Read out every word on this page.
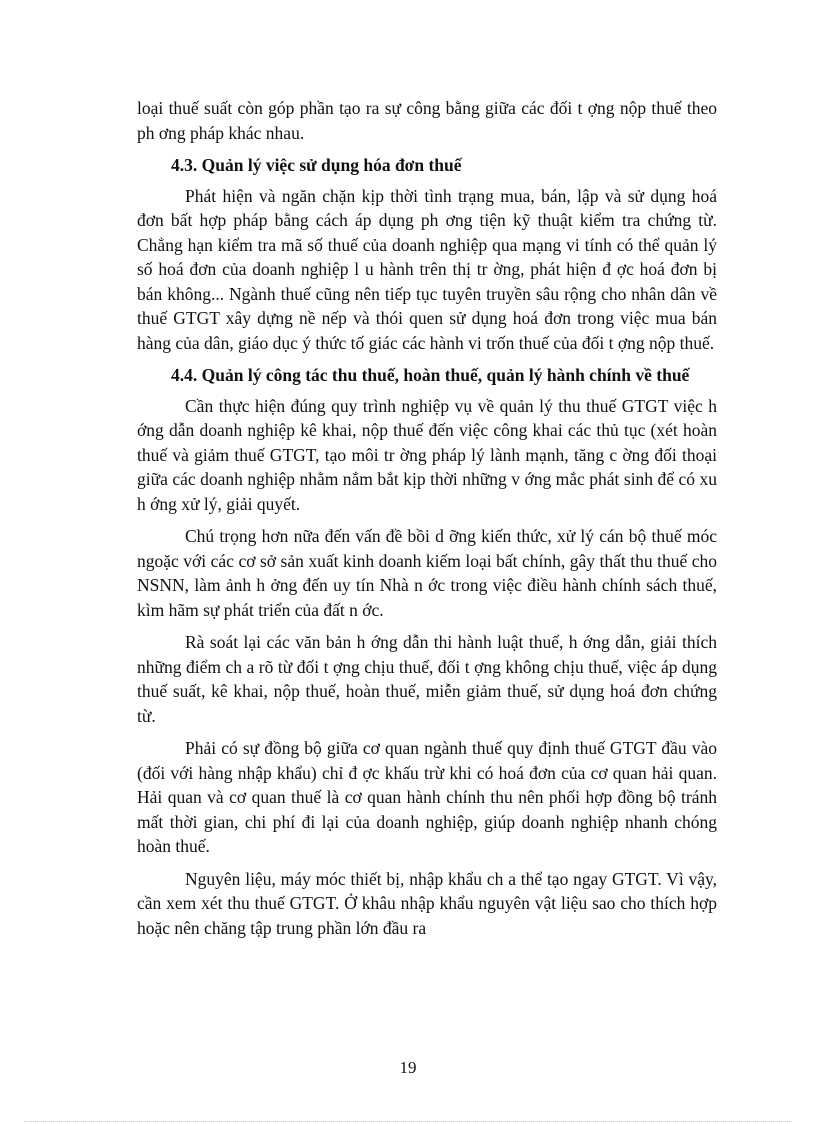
loại thuế suất còn góp phần tạo ra sự công bằng giữa các đối t ợng nộp thuế theo ph ơng pháp khác nhau.

4.3. Quản lý việc sử dụng hóa đơn thuế

Phát hiện và ngăn chặn kịp thời tình trạng mua, bán, lập và sử dụng hoá đơn bất hợp pháp bằng cách áp dụng ph ơng tiện kỹ thuật kiểm tra chứng từ. Chẳng hạn kiểm tra mã số thuế của doanh nghiệp qua mạng vi tính có thể quản lý số hoá đơn của doanh nghiệp l u hành trên thị tr ờng, phát hiện đ ợc hoá đơn bị bán không... Ngành thuế cũng nên tiếp tục tuyên truyền sâu rộng cho nhân dân về thuế GTGT xây dựng nề nếp và thói quen sử dụng hoá đơn trong việc mua bán hàng của dân, giáo dục ý thức tố giác các hành vi trốn thuế của đối t ợng nộp thuế.

4.4. Quản lý công tác thu thuế, hoàn thuế, quản lý hành chính về thuế

Cần thực hiện đúng quy trình nghiệp vụ về quản lý thu thuế GTGT việc h ớng dẫn doanh nghiệp kê khai, nộp thuế đến việc công khai các thủ tục (xét hoàn thuế và giảm thuế GTGT, tạo môi tr ờng pháp lý lành mạnh, tăng c ờng đối thoại giữa các doanh nghiệp nhằm nắm bắt kịp thời những v ớng mắc phát sinh để có xu h ớng xử lý, giải quyết.

Chú trọng hơn nữa đến vấn đề bồi d ỡng kiến thức, xử lý cán bộ thuế móc ngoặc với các cơ sở sản xuất kinh doanh kiếm loại bất chính, gây thất thu thuế cho NSNN, làm ảnh h ởng đến uy tín Nhà n ớc trong việc điều hành chính sách thuế, kìm hãm sự phát triển của đất n ớc.

Rà soát lại các văn bản h ớng dẫn thi hành luật thuế, h ớng dẫn, giải thích những điểm ch a rõ từ đối t ợng chịu thuế, đối t ợng không chịu thuế, việc áp dụng thuế suất, kê khai, nộp thuế, hoàn thuế, miễn giảm thuế, sử dụng hoá đơn chứng từ.

Phải có sự đồng bộ giữa cơ quan ngành thuế quy định thuế GTGT đầu vào (đối với hàng nhập khẩu) chỉ đ ợc khấu trừ khi có hoá đơn của cơ quan hải quan. Hải quan và cơ quan thuế là cơ quan hành chính thu nên phối hợp đồng bộ tránh mất thời gian, chi phí đi lại của doanh nghiệp, giúp doanh nghiệp nhanh chóng hoàn thuế.

Nguyên liệu, máy móc thiết bị, nhập khẩu ch a thể tạo ngay GTGT. Vì vậy, cần xem xét thu thuế GTGT. Ở khâu nhập khẩu nguyên vật liệu sao cho thích hợp hoặc nên chăng tập trung phần lớn đầu ra

19
